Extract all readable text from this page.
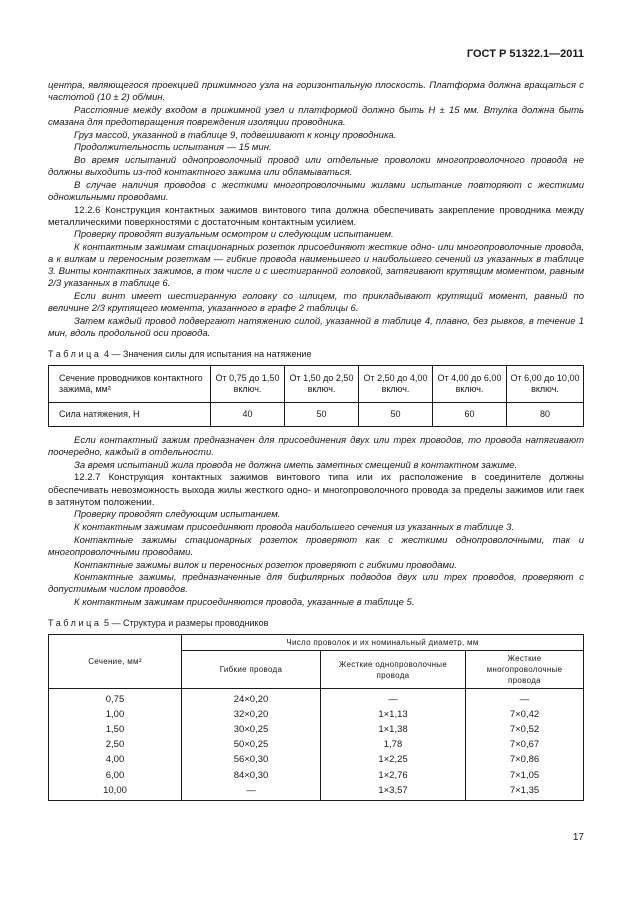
ГОСТ Р 51322.1—2011

центра, являющегося проекцией прижимного узла на горизонтальную плоскость. Платформа должна вращаться с частотой (10 ± 2) об/мин.

Расстояние между входом в прижимной узел и платформой должно быть Н ± 15 мм. Втулка должна быть смазана для предотвращения повреждения изоляции проводника.

Груз массой, указанной в таблице 9, подвешивают к концу проводника.

Продолжительность испытания — 15 мин.

Во время испытаний однопроволочный провод или отдельные проволоки многопроволочного провода не должны выходить из-под контактного зажима или обламываться.

В случае наличия проводов с жесткими многопроволочными жилами испытание повторяют с жесткими одножильными проводами.

12.2.6 Конструкция контактных зажимов винтового типа должна обеспечивать закрепление проводника между металлическими поверхностями с достаточным контактным усилием.

Проверку проводят визуальным осмотром и следующим испытанием.

К контактным зажимам стационарных розеток присоединяют жесткие одно- или многопроволочные провода, а к вилкам и переносным розеткам — гибкие провода наименьшего и наибольшего сечений из указанных в таблице 3. Винты контактных зажимов, в том числе и с шестигранной головкой, затягивают крутящим моментом, равным 2/3 указанных в таблице 6.

Если винт имеет шестигранную головку со шлицем, то прикладывают крутящий момент, равный по величине 2/3 крутящего момента, указанного в графе 2 таблицы 6.

Затем каждый провод подвергают натяжению силой, указанной в таблице 4, плавно, без рывков, в течение 1 мин, вдоль продольной оси провода.

Таблица 4 — Значения силы для испытания на натяжение
Сечение проводников контактного зажима, мм²	От 0,75 до 1,50 включ.	От 1,50 до 2,50 включ.	От 2,50 до 4,00 включ.	От 4,00 до 6,00 включ.	От 6,00 до 10,00 включ.
Сила натяжения, Н	40	50	50	60	80

Если контактный зажим предназначен для присоединения двух или трех проводов, то провода натягивают поочередно, каждый в отдельности.

За время испытаний жила провода не должна иметь заметных смещений в контактном зажиме.

12.2.7 Конструкция контактных зажимов винтового типа или их расположение в соединителе должны обеспечивать невозможность выхода жилы жесткого одно- и многопроволочного провода за пределы зажимов или гаек в затянутом положении.

Проверку проводят следующим испытанием.

К контактным зажимам присоединяют провода наибольшего сечения из указанных в таблице 3.

Контактные зажимы стационарных розеток проверяют как с жесткими однопроволочными, так и многопроволочными проводами.

Контактные зажимы вилок и переносных розеток проверяют с гибкими проводами.

Контактные зажимы, предназначенные для бифилярных подводов двух или трех проводов, проверяют с допустимым числом проводов.

К контактным зажимам присоединяются провода, указанные в таблице 5.

Таблица 5 — Структура и размеры проводников
Сечение, мм²	Число проволок и их номинальный диаметр, мм		
	Гибкие провода	Жесткие однопроволочные провода	Жесткие многопроволочные провода
0,75	24×0,20	—	—
1,00	32×0,20	1×1,13	7×0,42
1,50	30×0,25	1×1,38	7×0,52
2,50	50×0,25	1,78	7×0,67
4,00	56×0,30	1×2,25	7×0,86
6,00	84×0,30	1×2,76	7×1,05
10,00	—	1×3,57	7×1,35
17
